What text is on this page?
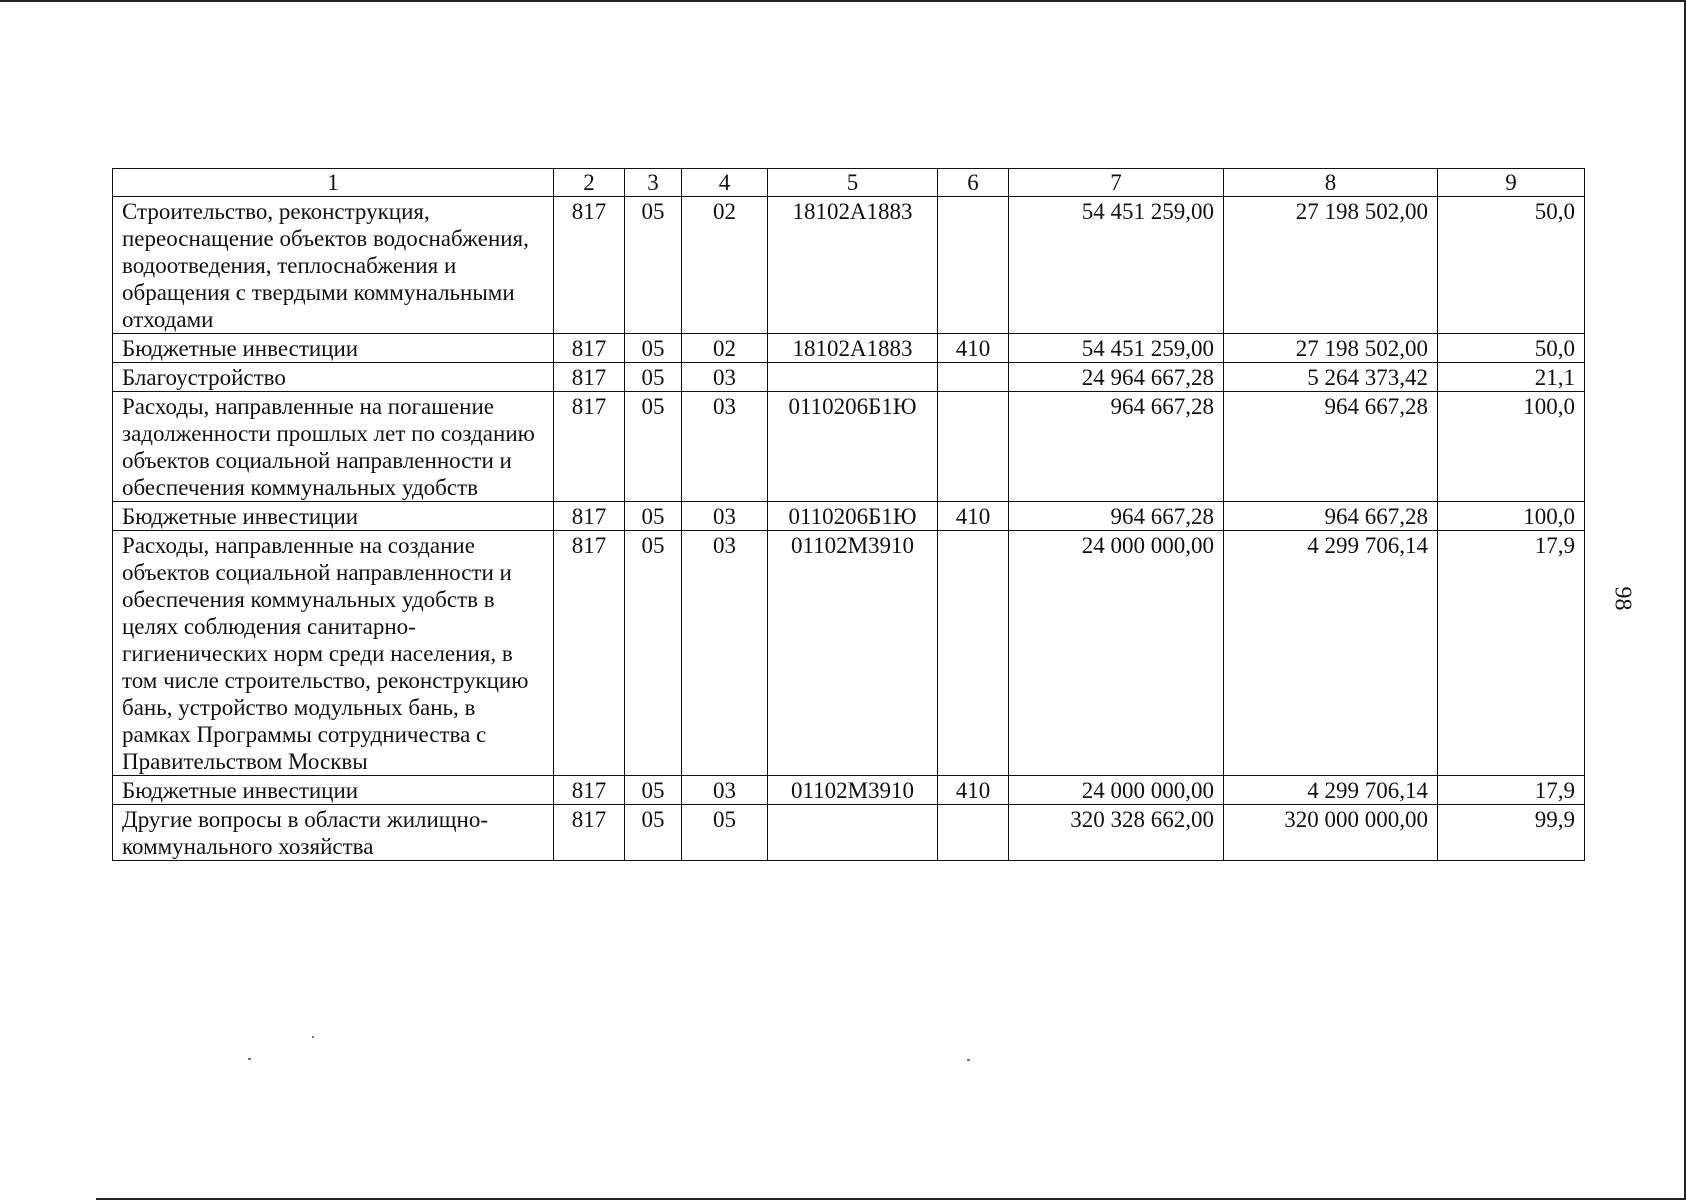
1	2	3	4	5	6	7	8	9
Строительство, реконструкция, переоснащение объектов водоснабжения, водоотведения, теплоснабжения и обращения с твердыми коммунальными отходами	817	05	02	18102А1883		54 451 259,00	27 198 502,00	50,0
Бюджетные инвестиции	817	05	02	18102А1883	410	54 451 259,00	27 198 502,00	50,0
Благоустройство	817	05	03			24 964 667,28	5 264 373,42	21,1
Расходы, направленные на погашение задолженности прошлых лет по созданию объектов социальной направленности и обеспечения коммунальных удобств	817	05	03	0110206Б1Ю		964 667,28	964 667,28	100,0
Бюджетные инвестиции	817	05	03	0110206Б1Ю	410	964 667,28	964 667,28	100,0
Расходы, направленные на создание объектов социальной направленности и обеспечения коммунальных удобств в целях соблюдения санитарно-гигиенических норм среди населения, в том числе строительство, реконструкцию бань, устройство модульных бань, в рамках Программы сотрудничества с Правительством Москвы	817	05	03	01102М3910		24 000 000,00	4 299 706,14	17,9
Бюджетные инвестиции	817	05	03	01102М3910	410	24 000 000,00	4 299 706,14	17,9
Другие вопросы в области жилищно-коммунального хозяйства	817	05	05			320 328 662,00	320 000 000,00	99,9
98
